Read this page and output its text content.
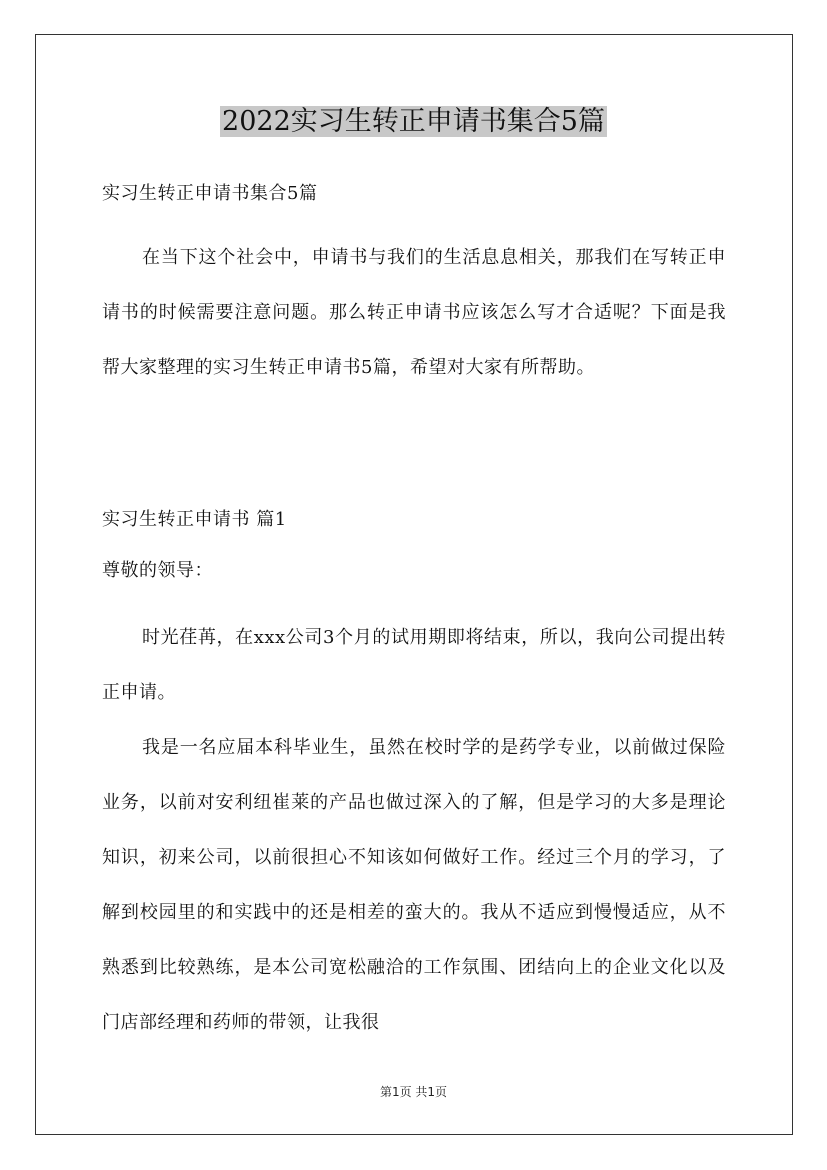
2022实习生转正申请书集合5篇
实习生转正申请书集合5篇
在当下这个社会中，申请书与我们的生活息息相关，那我们在写转正申请书的时候需要注意问题。那么转正申请书应该怎么写才合适呢？下面是我帮大家整理的实习生转正申请书5篇，希望对大家有所帮助。
实习生转正申请书 篇1
尊敬的领导：
时光荏苒，在xxx公司3个月的试用期即将结束，所以，我向公司提出转正申请。
我是一名应届本科毕业生，虽然在校时学的是药学专业，以前做过保险业务，以前对安利纽崔莱的产品也做过深入的了解，但是学习的大多是理论知识，初来公司，以前很担心不知该如何做好工作。经过三个月的学习，了解到校园里的和实践中的还是相差的蛮大的。我从不适应到慢慢适应，从不熟悉到比较熟练，是本公司宽松融洽的工作氛围、团结向上的企业文化以及门店部经理和药师的带领，让我很
第1页 共1页
